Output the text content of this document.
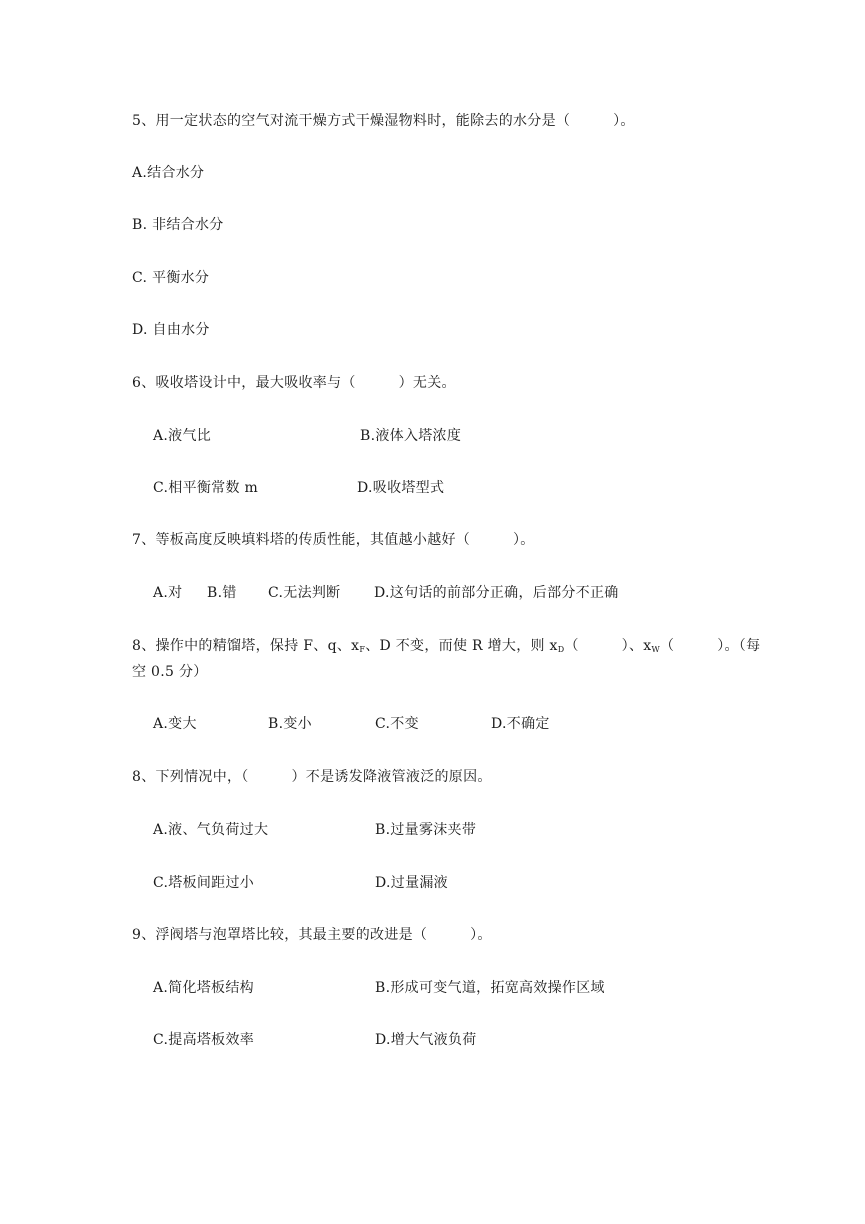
5、用一定状态的空气对流干燥方式干燥湿物料时，能除去的水分是（　　　）。
A.结合水分
B. 非结合水分
C. 平衡水分
D. 自由水分
6、吸收塔设计中，最大吸收率与（　　　）无关。
A.液气比	B.液体入塔浓度
C.相平衡常数 m	D.吸收塔型式
7、等板高度反映填料塔的传质性能，其值越小越好（　　　）。
A.对 B.错 C.无法判断 D.这句话的前部分正确，后部分不正确
8、操作中的精馏塔，保持 F、q、$x_F$、D 不变，而使 R 增大，则 $x_D$（　　　）、$x_W$（　　　）。（每
空 0.5 分）
A.变大	B.变小	C.不变	D.不确定
8、下列情况中，（　　　）不是诱发降液管液泛的原因。
A.液、气负荷过大	B.过量雾沫夹带
C.塔板间距过小	D.过量漏液
9、浮阀塔与泡罩塔比较，其最主要的改进是（　　　）。
A.简化塔板结构	B.形成可变气道，拓宽高效操作区域
C.提高塔板效率	D.增大气液负荷
